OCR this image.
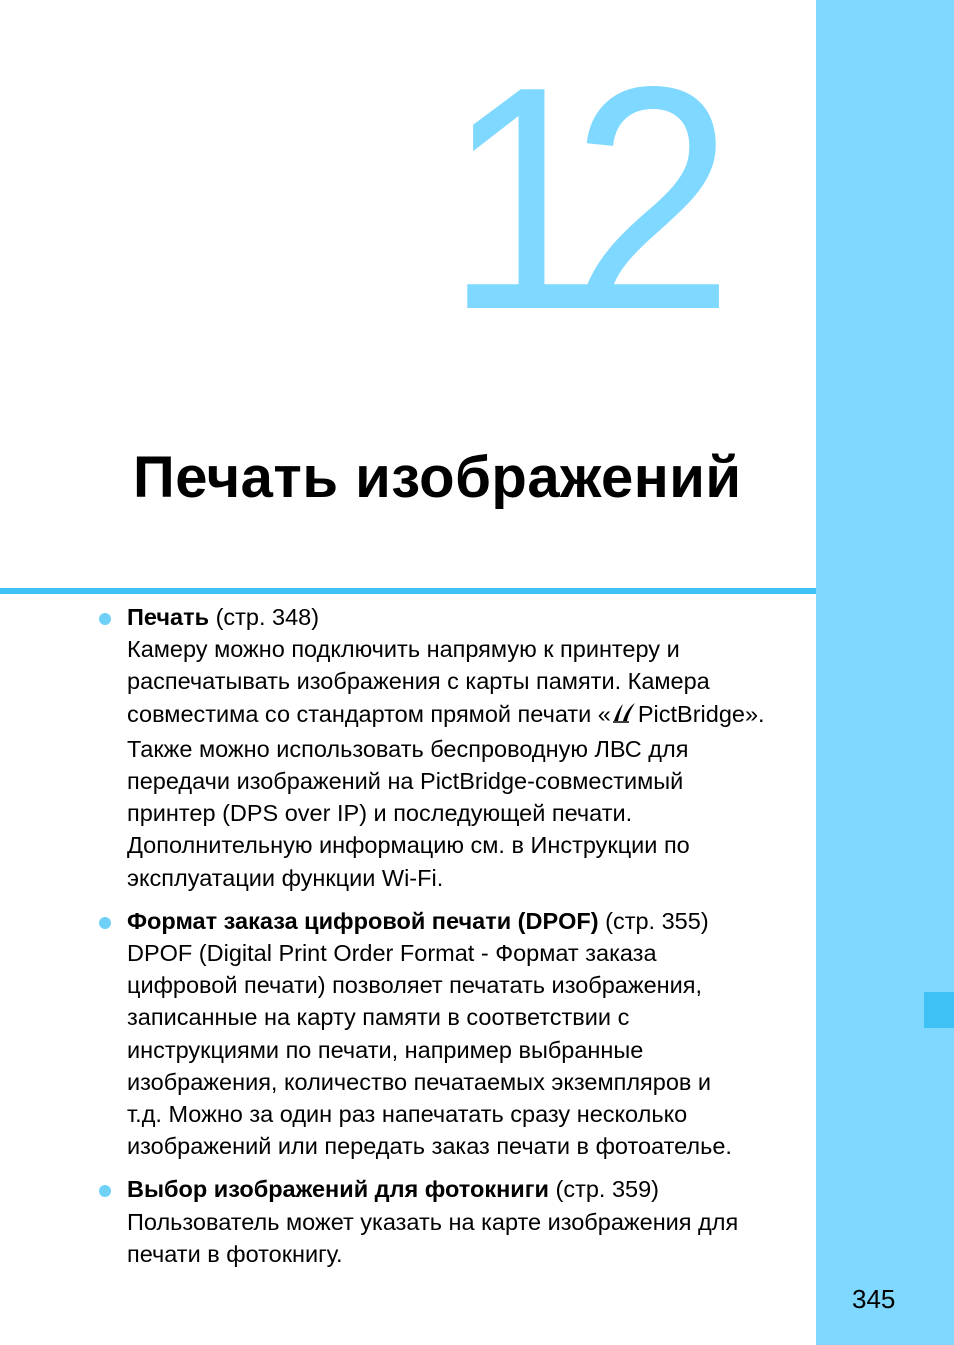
12
Печать изображений
Печать (стр. 348)
Камеру можно подключить напрямую к принтеру и
распечатывать изображения с карты памяти. Камера
совместима со стандартом прямой печати « PictBridge».
Также можно использовать беспроводную ЛВС для
передачи изображений на PictBridge-совместимый
принтер (DPS over IP) и последующей печати.
Дополнительную информацию см. в Инструкции по
эксплуатации функции Wi-Fi.
Формат заказа цифровой печати (DPOF) (стр. 355)
DPOF (Digital Print Order Format - Формат заказа
цифровой печати) позволяет печатать изображения,
записанные на карту памяти в соответствии с
инструкциями по печати, например выбранные
изображения, количество печатаемых экземпляров и
т.д. Можно за один раз напечатать сразу несколько
изображений или передать заказ печати в фотоателье.
Выбор изображений для фотокниги (стр. 359)
Пользователь может указать на карте изображения для
печати в фотокнигу.
345
